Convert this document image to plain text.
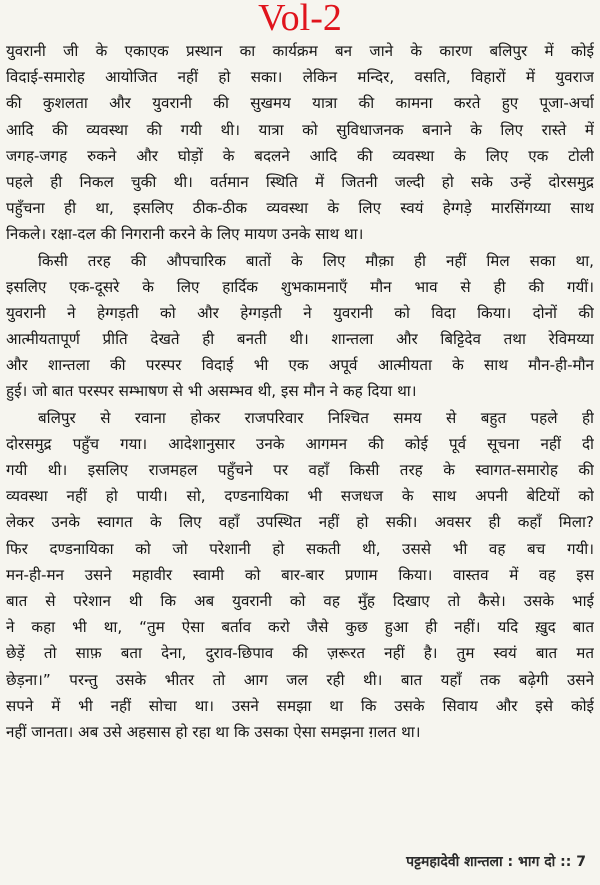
Vol-2
युवरानी जी के एकाएक प्रस्थान का कार्यक्रम बन जाने के कारण बलिपुर में कोई
विदाई-समारोह आयोजित नहीं हो सका। लेकिन मन्दिर, वसति, विहारों में युवराज
की कुशलता और युवरानी की सुखमय यात्रा की कामना करते हुए पूजा-अर्चा
आदि की व्यवस्था की गयी थी। यात्रा को सुविधाजनक बनाने के लिए रास्ते में
जगह-जगह रुकने और घोड़ों के बदलने आदि की व्यवस्था के लिए एक टोली
पहले ही निकल चुकी थी। वर्तमान स्थिति में जितनी जल्दी हो सके उन्हें दोरसमुद्र
पहुँचना ही था, इसलिए ठीक-ठीक व्यवस्था के लिए स्वयं हेग्गड़े मारसिंगय्या साथ
निकले। रक्षा-दल की निगरानी करने के लिए मायण उनके साथ था।
किसी तरह की औपचारिक बातों के लिए मौक़ा ही नहीं मिल सका था,
इसलिए एक-दूसरे के लिए हार्दिक शुभकामनाएँ मौन भाव से ही की गयीं।
युवरानी ने हेग्गड़ती को और हेग्गड़ती ने युवरानी को विदा किया। दोनों की
आत्मीयतापूर्ण प्रीति देखते ही बनती थी। शान्तला और बिट्टिदेव तथा रेविमय्या
और शान्तला की परस्पर विदाई भी एक अपूर्व आत्मीयता के साथ मौन-ही-मौन
हुई। जो बात परस्पर सम्भाषण से भी असम्भव थी, इस मौन ने कह दिया था।
बलिपुर से रवाना होकर राजपरिवार निश्चित समय से बहुत पहले ही
दोरसमुद्र पहुँच गया। आदेशानुसार उनके आगमन की कोई पूर्व सूचना नहीं दी
गयी थी। इसलिए राजमहल पहुँचने पर वहाँ किसी तरह के स्वागत-समारोह की
व्यवस्था नहीं हो पायी। सो, दण्डनायिका भी सजधज के साथ अपनी बेटियों को
लेकर उनके स्वागत के लिए वहाँ उपस्थित नहीं हो सकी। अवसर ही कहाँ मिला?
फिर दण्डनायिका को जो परेशानी हो सकती थी, उससे भी वह बच गयी।
मन-ही-मन उसने महावीर स्वामी को बार-बार प्रणाम किया। वास्तव में वह इस
बात से परेशान थी कि अब युवरानी को वह मुँह दिखाए तो कैसे। उसके भाई
ने कहा भी था, “तुम ऐसा बर्ताव करो जैसे कुछ हुआ ही नहीं। यदि ख़ुद बात
छेड़ें तो साफ़ बता देना, दुराव-छिपाव की ज़रूरत नहीं है। तुम स्वयं बात मत
छेड़ना।” परन्तु उसके भीतर तो आग जल रही थी। बात यहाँ तक बढ़ेगी उसने
सपने में भी नहीं सोचा था। उसने समझा था कि उसके सिवाय और इसे कोई
नहीं जानता। अब उसे अहसास हो रहा था कि उसका ऐसा समझना ग़लत था।
पट्टमहादेवी शान्तला : भाग दो :: 7
